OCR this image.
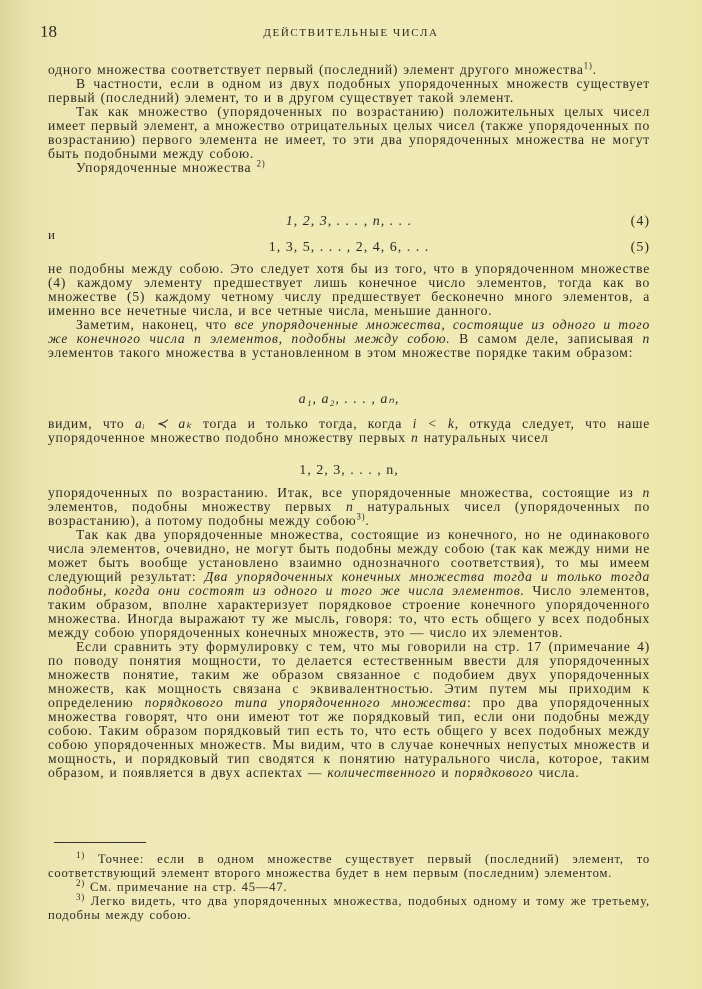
18	ДЕЙСТВИТЕЛЬНЫЕ ЧИСЛА

одного множества соответствует первый (последний) элемент другого множества$^{1)}$.

В частности, если в одном из двух подобных упорядоченных множеств существует первый (последний) элемент, то и в другом существует такой элемент.

Так как множество (упорядоченных по возрастанию) положительных целых чисел имеет первый элемент, а множество отрицательных целых чисел (также упорядоченных по возрастанию) первого элемента не имеет, то эти два упорядоченных множества не могут быть подобными между собою.

Упорядоченные множества $^{2)}$

1, 2, 3, . . . , n, . . .	(4)
и
1, 3, 5, . . . , 2, 4, 6, . . .	(5)

не подобны между собою. Это следует хотя бы из того, что в упорядоченном множестве (4) каждому элементу предшествует лишь конечное число элементов, тогда как во множестве (5) каждому четному числу предшествует бесконечно много элементов, а именно все нечетные числа, и все четные числа, меньшие данного.

Заметим, наконец, что все упорядоченные множества, состоящие из одного и того же конечного числа n элементов, подобны между собою. В самом деле, записывая n элементов такого множества в установленном в этом множестве порядке таким образом:

a₁, a₂, . . . , aₙ,

видим, что aᵢ ≺ aₖ тогда и только тогда, когда i < k, откуда следует, что наше упорядоченное множество подобно множеству первых n натуральных чисел

1, 2, 3, . . . , n,

упорядоченных по возрастанию. Итак, все упорядоченные множества, состоящие из n элементов, подобны множеству первых n натуральных чисел (упорядоченных по возрастанию), а потому подобны между собою$^{3)}$.

Так как два упорядоченные множества, состоящие из конечного, но не одинакового числа элементов, очевидно, не могут быть подобны между собою (так как между ними не может быть вообще установлено взаимно однозначного соответствия), то мы имеем следующий результат: Два упорядоченных конечных множества тогда и только тогда подобны, когда они состоят из одного и того же числа элементов. Число элементов, таким образом, вполне характеризует порядковое строение конечного упорядоченного множества. Иногда выражают ту же мысль, говоря: то, что есть общего у всех подобных между собою упорядоченных конечных множеств, это — число их элементов.

Если сравнить эту формулировку с тем, что мы говорили на стр. 17 (примечание 4) по поводу понятия мощности, то делается естественным ввести для упорядоченных множеств понятие, таким же образом связанное с подобием двух упорядоченных множеств, как мощность связана с эквивалентностью. Этим путем мы приходим к определению порядкового типа упорядоченного множества: про два упорядоченных множества говорят, что они имеют тот же порядковый тип, если они подобны между собою. Таким образом порядковый тип есть то, что есть общего у всех подобных между собою упорядоченных множеств. Мы видим, что в случае конечных непустых множеств и мощность, и порядковый тип сводятся к понятию натурального числа, которое, таким образом, и появляется в двух аспектах — количественного и порядкового числа.

$^{1)}$ Точнее: если в одном множестве существует первый (последний) элемент, то соответствующий элемент второго множества будет в нем первым (последним) элементом.

$^{2)}$ См. примечание на стр. 45—47.

$^{3)}$ Легко видеть, что два упорядоченных множества, подобных одному и тому же третьему, подобны между собою.
